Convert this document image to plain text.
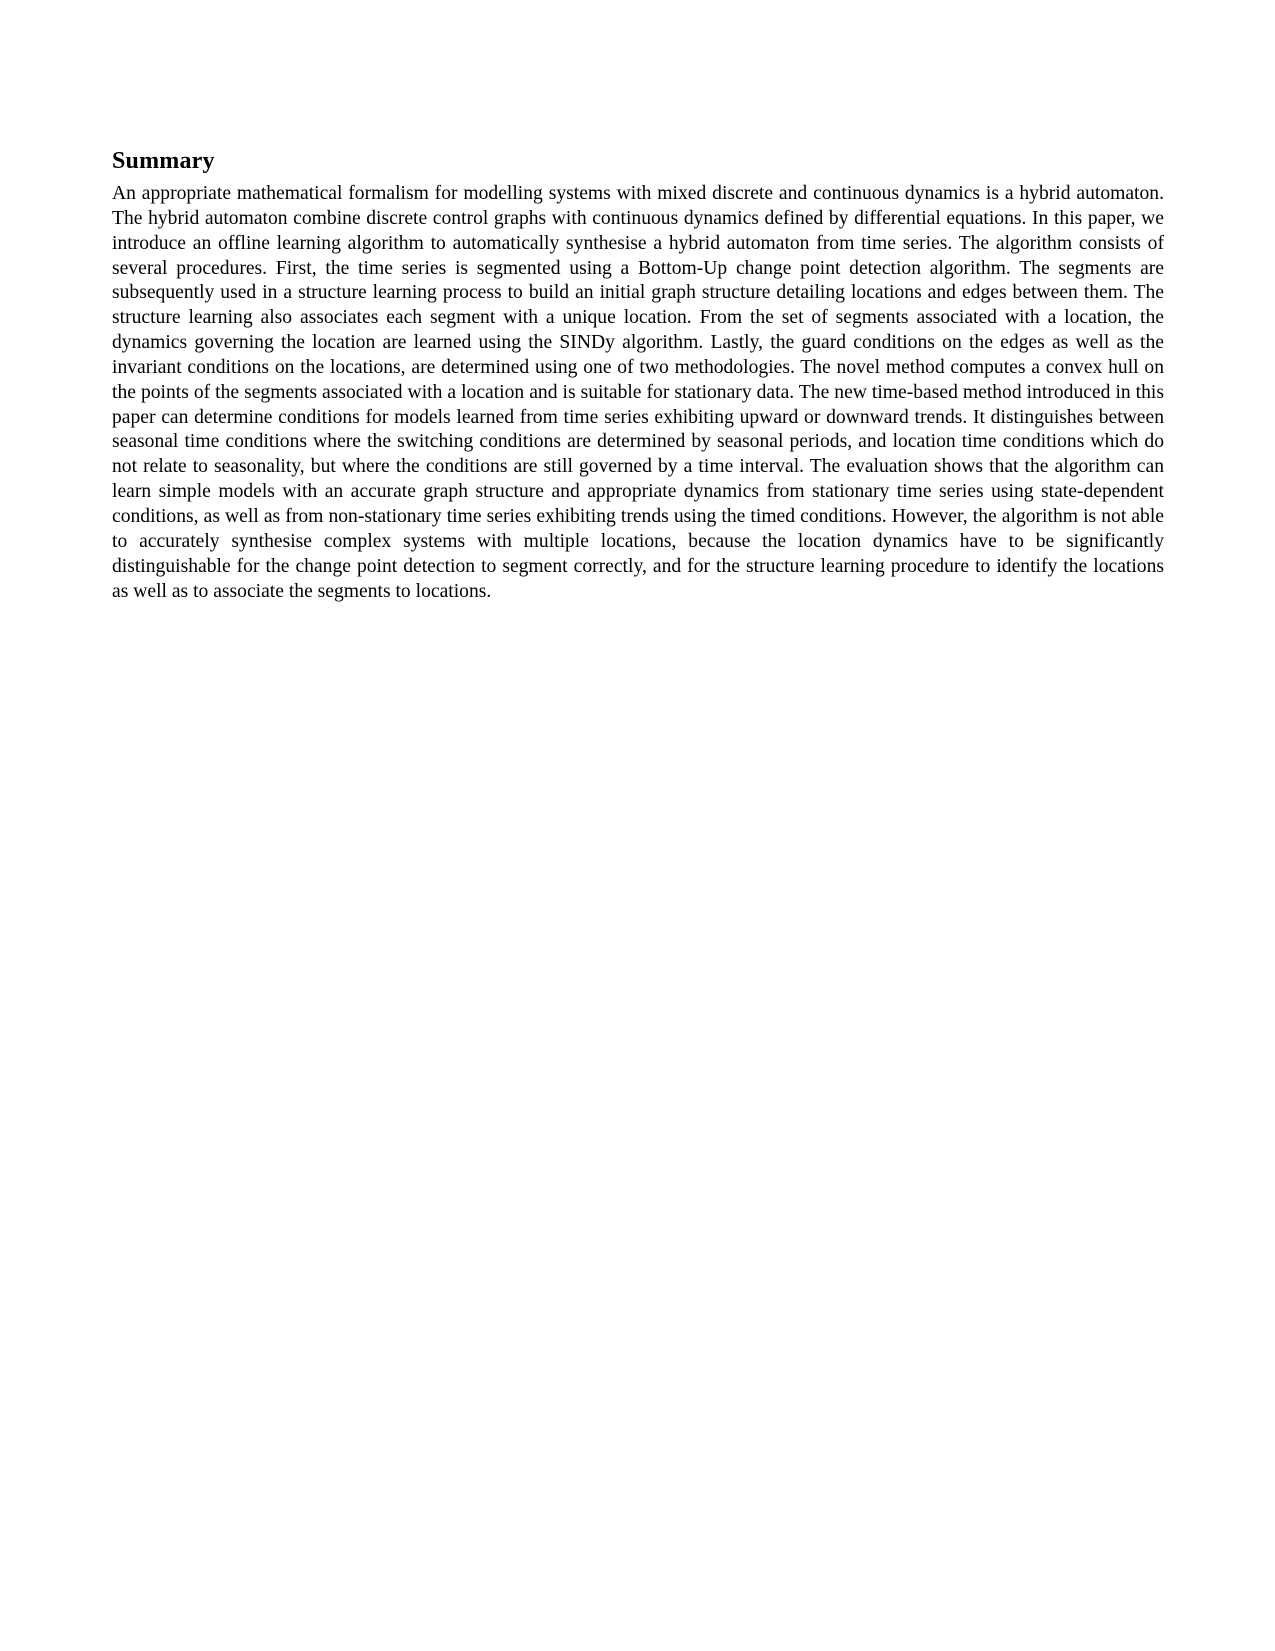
Summary

An appropriate mathematical formalism for modelling systems with mixed discrete and continuous dynamics is a hybrid automaton. The hybrid automaton combine discrete control graphs with continuous dynamics defined by differential equations. In this paper, we introduce an offline learning algorithm to automatically synthesise a hybrid automaton from time series. The algorithm consists of several procedures. First, the time series is segmented using a Bottom-Up change point detection algorithm. The segments are subsequently used in a structure learning process to build an initial graph structure detailing locations and edges between them. The structure learning also associates each segment with a unique location. From the set of segments associated with a location, the dynamics governing the location are learned using the SINDy algorithm. Lastly, the guard conditions on the edges as well as the invariant conditions on the locations, are determined using one of two methodologies. The novel method computes a convex hull on the points of the segments associated with a location and is suitable for stationary data. The new time-based method introduced in this paper can determine conditions for models learned from time series exhibiting upward or downward trends. It distinguishes between seasonal time conditions where the switching conditions are determined by seasonal periods, and location time conditions which do not relate to seasonality, but where the conditions are still governed by a time interval. The evaluation shows that the algorithm can learn simple models with an accurate graph structure and appropriate dynamics from stationary time series using state-dependent conditions, as well as from non-stationary time series exhibiting trends using the timed conditions. However, the algorithm is not able to accurately synthesise complex systems with multiple locations, because the location dynamics have to be significantly distinguishable for the change point detection to segment correctly, and for the structure learning procedure to identify the locations as well as to associate the segments to locations.
